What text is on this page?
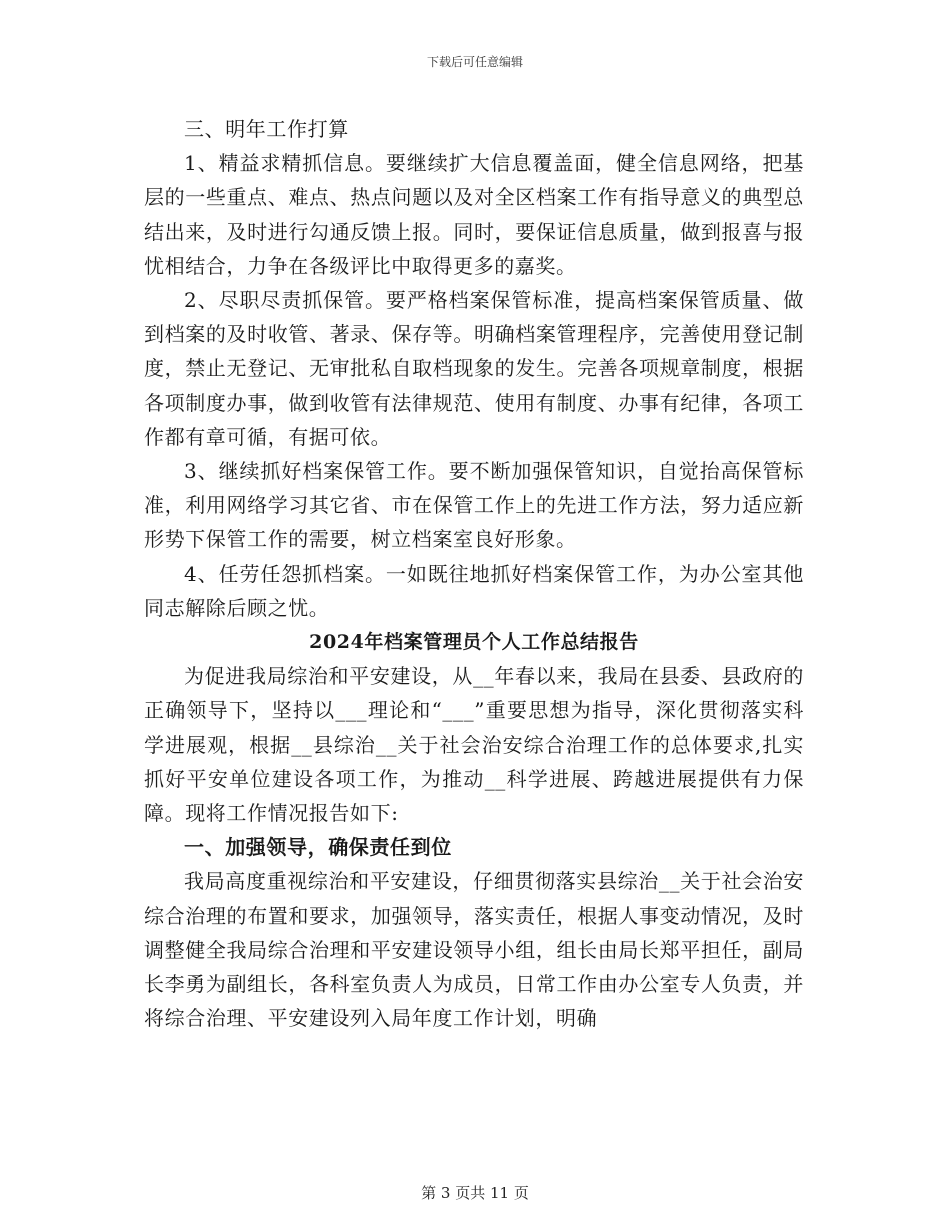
下载后可任意编辑

三、明年工作打算

1、精益求精抓信息。要继续扩大信息覆盖面，健全信息网络，把基层的一些重点、难点、热点问题以及对全区档案工作有指导意义的典型总结出来，及时进行勾通反馈上报。同时，要保证信息质量，做到报喜与报忧相结合，力争在各级评比中取得更多的嘉奖。

2、尽职尽责抓保管。要严格档案保管标准，提高档案保管质量、做到档案的及时收管、著录、保存等。明确档案管理程序，完善使用登记制度，禁止无登记、无审批私自取档现象的发生。完善各项规章制度，根据各项制度办事，做到收管有法律规范、使用有制度、办事有纪律，各项工作都有章可循，有据可依。

3、继续抓好档案保管工作。要不断加强保管知识，自觉抬高保管标准，利用网络学习其它省、市在保管工作上的先进工作方法，努力适应新形势下保管工作的需要，树立档案室良好形象。

4、任劳任怨抓档案。一如既往地抓好档案保管工作，为办公室其他同志解除后顾之忧。

2024年档案管理员个人工作总结报告

为促进我局综治和平安建设，从__年春以来，我局在县委、县政府的正确领导下，坚持以___理论和“___”重要思想为指导，深化贯彻落实科学进展观，根据__县综治__关于社会治安综合治理工作的总体要求,扎实抓好平安单位建设各项工作，为推动__科学进展、跨越进展提供有力保障。现将工作情况报告如下:

一、加强领导，确保责任到位

我局高度重视综治和平安建设，仔细贯彻落实县综治__关于社会治安综合治理的布置和要求，加强领导，落实责任，根据人事变动情况，及时调整健全我局综合治理和平安建设领导小组，组长由局长郑平担任，副局长李勇为副组长，各科室负责人为成员，日常工作由办公室专人负责，并将综合治理、平安建设列入局年度工作计划，明确

第 3 页共 11 页
